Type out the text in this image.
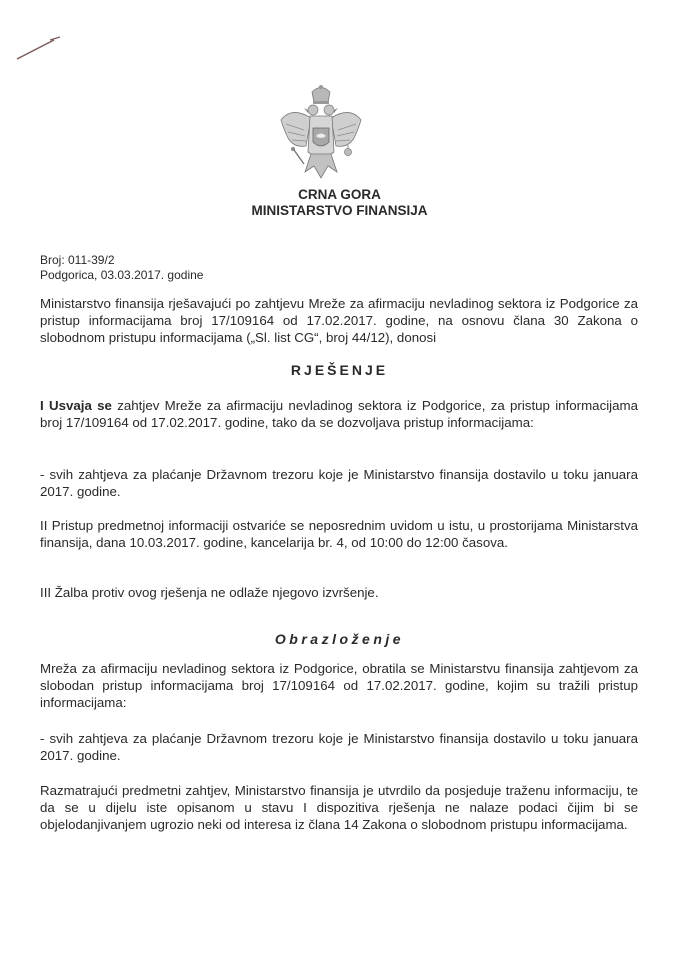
CRNA GORA
MINISTARSTVO FINANSIJA
Broj: 011-39/2
Podgorica, 03.03.2017. godine

Ministarstvo finansija rješavajući po zahtjevu Mreže za afirmaciju nevladinog sektora iz Podgorice za pristup informacijama broj 17/109164 od 17.02.2017. godine, na osnovu člana 30 Zakona o slobodnom pristupu informacijama („Sl. list CG“, broj 44/12), donosi

RJEŠENJE

I Usvaja se zahtjev Mreže za afirmaciju nevladinog sektora iz Podgorice, za pristup informacijama broj 17/109164 od 17.02.2017. godine, tako da se dozvoljava pristup informacijama:

- svih zahtjeva za plaćanje Državnom trezoru koje je Ministarstvo finansija dostavilo u toku januara 2017. godine.

II Pristup predmetnoj informaciji ostvariće se neposrednim uvidom u istu, u prostorijama Ministarstva finansija, dana 10.03.2017. godine, kancelarija br. 4, od 10:00 do 12:00 časova.

III Žalba protiv ovog rješenja ne odlaže njegovo izvršenje.

Obrazloženje

Mreža za afirmaciju nevladinog sektora iz Podgorice, obratila se Ministarstvu finansija zahtjevom za slobodan pristup informacijama broj 17/109164 od 17.02.2017. godine, kojim su tražili pristup informacijama:

- svih zahtjeva za plaćanje Državnom trezoru koje je Ministarstvo finansija dostavilo u toku januara 2017. godine.

Razmatrajući predmetni zahtjev, Ministarstvo finansija je utvrdilo da posjeduje traženu informaciju, te da se u dijelu iste opisanom u stavu I dispozitiva rješenja ne nalaze podaci čijim bi se objelodanjivanjem ugrozio neki od interesa iz člana 14 Zakona o slobodnom pristupu informacijama.
